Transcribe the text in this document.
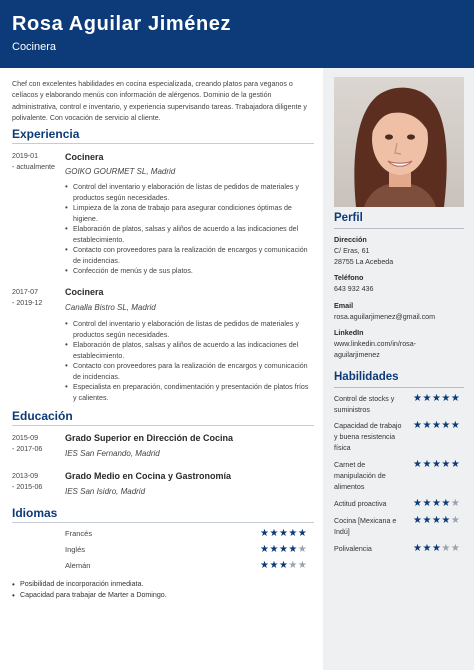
Rosa Aguilar Jiménez
Cocinera
Chef con excelentes habilidades en cocina especializada, creando platos para veganos o celíacos y elaborando menús con información de alérgenos. Dominio de la gestión administrativa, control e inventario, y experiencia supervisando tareas. Trabajadora diligente y polivalente. Con vocación de servicio al cliente.
Experiencia
2019-01
- actualmente
Cocinera
GOIKO GOURMET SL, Madrid
• Control del inventario y elaboración de listas de pedidos de materiales y productos según necesidades.
• Limpieza de la zona de trabajo para asegurar condiciones óptimas de higiene.
• Elaboración de platos, salsas y aliños de acuerdo a las indicaciones del establecimiento.
• Contacto con proveedores para la realización de encargos y comunicación de incidencias.
• Confección de menús y de sus platos.
2017-07
- 2019-12
Cocinera
Canalla Bistro SL, Madrid
• Control del inventario y elaboración de listas de pedidos de materiales y productos según necesidades.
• Elaboración de platos, salsas y aliños de acuerdo a las indicaciones del establecimiento.
• Contacto con proveedores para la realización de encargos y comunicación de incidencias.
• Especialista en preparación, condimentación y presentación de platos fríos y calientes.
Educación
2015-09
- 2017-06
Grado Superior en Dirección de Cocina
IES San Fernando, Madrid
2013-09
- 2015-06
Grado Medio en Cocina y Gastronomía
IES San Isidro, Madrid
Idiomas
Francés	★★★★★
Inglés	★★★★★
Alemán	★★★★★
• Posibilidad de incorporación inmediata.
• Capacidad para trabajar de Marter a Domingo.
Perfil
Dirección
C/ Eras, 61
28755 La Acebeda
Teléfono
643 932 436
Email
rosa.aguilarjimenez@gmail.com
LinkedIn
www.linkedin.com/in/rosa-
aguilarjimenez
Habilidades
Control de stocks y suministros
★★★★★
Capacidad de trabajo y buena resistencia física
★★★★★
Carnet de manipulación de alimentos
★★★★★
Actitud proactiva	★★★★★
Cocina [Mexicana e Indú]
★★★★★
Polivalencia	★★★★★
